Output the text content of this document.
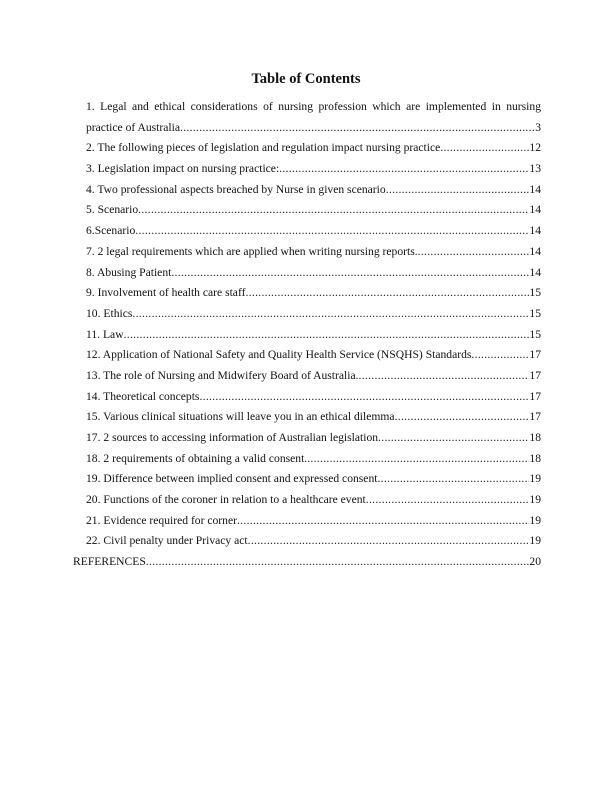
Table of Contents
1. Legal and ethical considerations of nursing profession which are implemented in nursing
practice of Australia .....	3
2. The following pieces of legislation and regulation impact nursing practice .....	12
3. Legislation impact on nursing practice: .....	13
4. Two professional aspects breached by Nurse in given scenario .....	14
5. Scenario .....	14
6.Scenario .....	14
7. 2 legal requirements which are applied when writing nursing reports. .....	14
8. Abusing Patient .....	14
9. Involvement of health care staff .....	15
10. Ethics .....	15
11. Law .....	15
12. Application of National Safety and Quality Health Service (NSQHS) Standards .....	17
13. The role of Nursing and Midwifery Board of Australia. .....	17
14. Theoretical concepts .....	17
15. Various clinical situations will leave you in an ethical dilemma .....	17
17. 2 sources to accessing information of Australian legislation .....	18
18. 2 requirements of obtaining a valid consent. .....	18
19. Difference between implied consent and expressed consent .....	19
20. Functions of the coroner in relation to a healthcare event .....	19
21. Evidence required for corner .....	19
22. Civil penalty under Privacy act .....	19
REFERENCES .....	20
